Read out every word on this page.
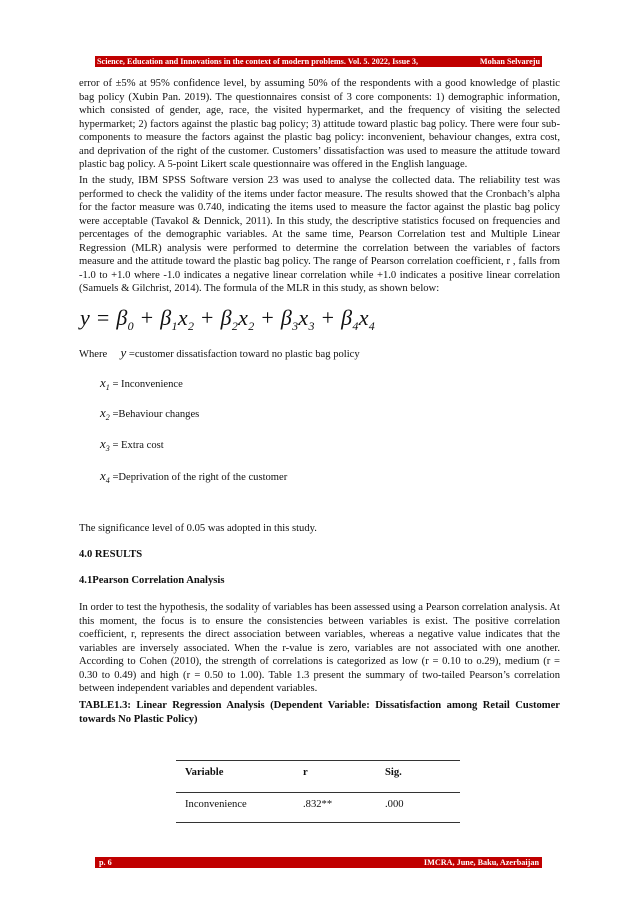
Science, Education and Innovations in the context of modern problems. Vol. 5. 2022, Issue 3,	Mohan Selvareju

error of ±5% at 95% confidence level, by assuming 50% of the respondents with a good knowledge of plastic bag policy (Xubin Pan. 2019). The questionnaires consist of 3 core components: 1) demographic information, which consisted of gender, age, race, the visited hypermarket, and the frequency of visiting the selected hypermarket; 2) factors against the plastic bag policy; 3) attitude toward plastic bag policy. There were four sub-components to measure the factors against the plastic bag policy: inconvenient, behaviour changes, extra cost, and deprivation of the right of the customer. Customers’ dissatisfaction was used to measure the attitude toward plastic bag policy. A 5-point Likert scale questionnaire was offered in the English language.

In the study, IBM SPSS Software version 23 was used to analyse the collected data. The reliability test was performed to check the validity of the items under factor measure. The results showed that the Cronbach’s alpha for the factor measure was 0.740, indicating the items used to measure the factor against the plastic bag policy were acceptable (Tavakol & Dennick, 2011). In this study, the descriptive statistics focused on frequencies and percentages of the demographic variables. At the same time, Pearson Correlation test and Multiple Linear Regression (MLR) analysis were performed to determine the correlation between the variables of factors measure and the attitude toward the plastic bag policy. The range of Pearson correlation coefficient, r , falls from -1.0 to +1.0 where -1.0 indicates a negative linear correlation while +1.0 indicates a positive linear correlation (Samuels & Gilchrist, 2014). The formula of the MLR in this study, as shown below:

$y = \beta_0 + \beta_1x_2 + \beta_2x_2 + \beta_3x_3 + \beta_4x_4$
Where y =customer dissatisfaction toward no plastic bag policy
$x_1$ = Inconvenience
$x_2$ =Behaviour changes
$x_3$ = Extra cost
$x_4$ =Deprivation of the right of the customer

The significance level of 0.05 was adopted in this study.

4.0 RESULTS

4.1Pearson Correlation Analysis

In order to test the hypothesis, the sodality of variables has been assessed using a Pearson correlation analysis. At this moment, the focus is to ensure the consistencies between variables is exist. The positive correlation coefficient, r, represents the direct association between variables, whereas a negative value indicates that the variables are inversely associated. When the r-value is zero, variables are not associated with one another. According to Cohen (2010), the strength of correlations is categorized as low (r = 0.10 to o.29), medium (r = 0.30 to 0.49) and high (r = 0.50 to 1.00). Table 1.3 present the summary of two-tailed Pearson’s correlation between independent variables and dependent variables.

TABLE1.3: Linear Regression Analysis (Dependent Variable: Dissatisfaction among Retail Customer towards No Plastic Policy)

Variable	r	Sig.
Inconvenience	.832**	.000
p. 6	IMCRA, June, Baku, Azerbaijan
